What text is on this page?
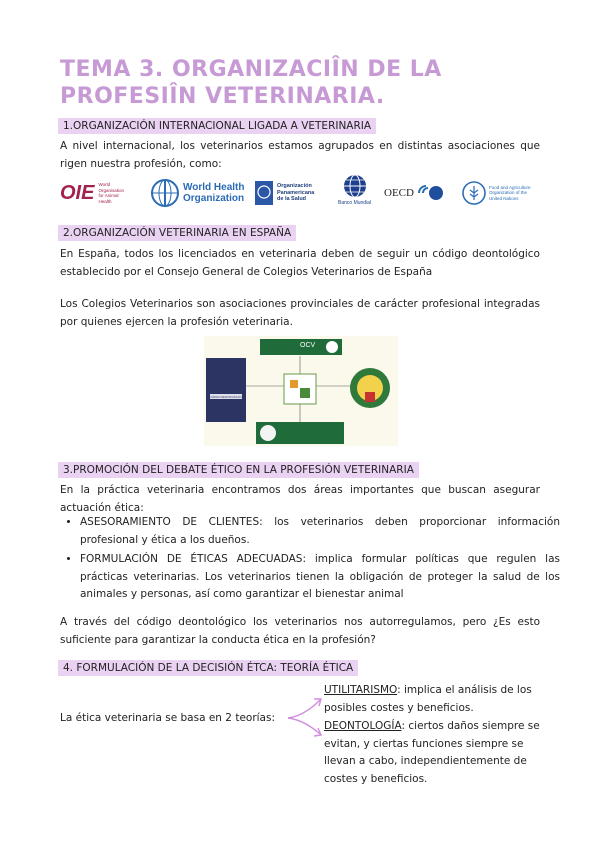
TEMA 3. ORGANIZACIÎN DE LA PROFESIÎN VETERINARIA.
1.ORGANIZACIÓN INTERNACIONAL LIGADA A VETERINARIA

A nivel internacional, los veterinarios estamos agrupados en distintas asociaciones que rigen nuestra profesión, como:

OIE World Organisation for Animal Health
World Health Organization
Organización
Panamericana
de la Salud
Banco Mundial
OECD	Food and Agriculture Organization of the United Nations
2.ORGANIZACIÓN VETERINARIA EN ESPAÑA

En España, todos los licenciados en veterinaria deben de seguir un código deontológico establecido por el Consejo General de Colegios Veterinarios de España

Los Colegios Veterinarios son asociaciones provinciales de carácter profesional integradas por quienes ejercen la profesión veterinaria.

OCV
CÓDIGO DEONTOLÓGICO
3.PROMOCIÓN DEL DEBATE ÉTICO EN LA PROFESIÓN VETERINARIA

En la práctica veterinaria encontramos dos áreas importantes que buscan asegurar actuación ética:

• ASESORAMIENTO DE CLIENTES: los veterinarios deben proporcionar información profesional y ética a los dueños.
• FORMULACIÓN DE ÉTICAS ADECUADAS: implica formular políticas que regulen las prácticas veterinarias. Los veterinarios tienen la obligación de proteger la salud de los animales y personas, así como garantizar el bienestar animal

A través del código deontológico los veterinarios nos autorregulamos, pero ¿Es esto suficiente para garantizar la conducta ética en la profesión?

4. FORMULACIÓN DE LA DECISIÓN ÉTCA: TEORÍA ÉTICA
La ética veterinaria se basa en 2 teorías:
UTILITARISMO: implica el análisis de los posibles costes y beneficios.
DEONTOLOGÍA: ciertos daños siempre se evitan, y ciertas funciones siempre se llevan a cabo, independientemente de costes y beneficios.
